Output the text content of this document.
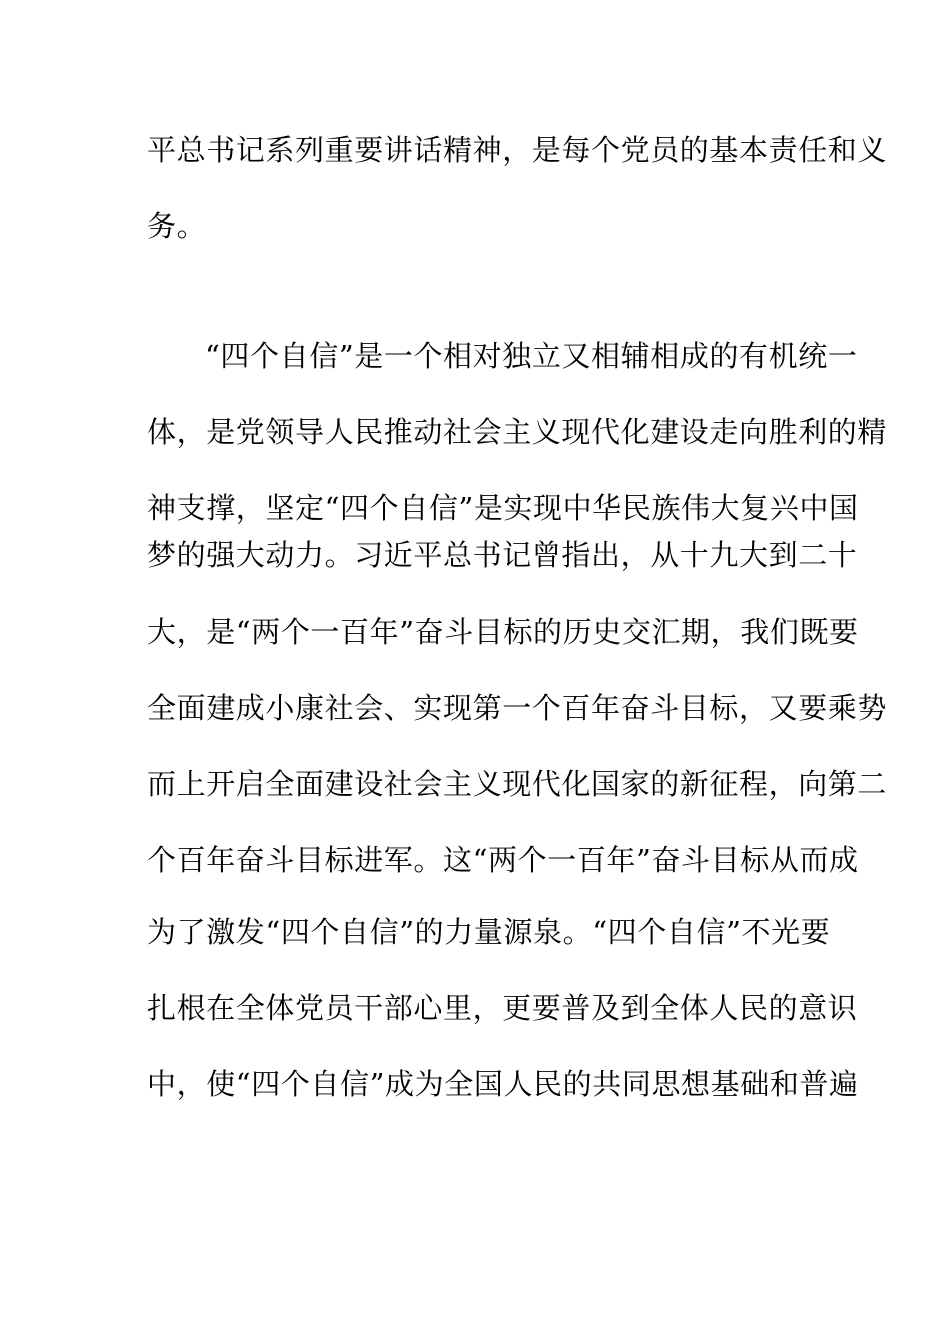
平总书记系列重要讲话精神，是每个党员的基本责任和义
务。
“四个自信”是一个相对独立又相辅相成的有机统一
体，是党领导人民推动社会主义现代化建设走向胜利的精
神支撑，坚定“四个自信”是实现中华民族伟大复兴中国
梦的强大动力。习近平总书记曾指出，从十九大到二十
大，是“两个一百年”奋斗目标的历史交汇期，我们既要
全面建成小康社会、实现第一个百年奋斗目标，又要乘势
而上开启全面建设社会主义现代化国家的新征程，向第二
个百年奋斗目标进军。这“两个一百年”奋斗目标从而成
为了激发“四个自信”的力量源泉。“四个自信”不光要
扎根在全体党员干部心里，更要普及到全体人民的意识
中，使“四个自信”成为全国人民的共同思想基础和普遍
